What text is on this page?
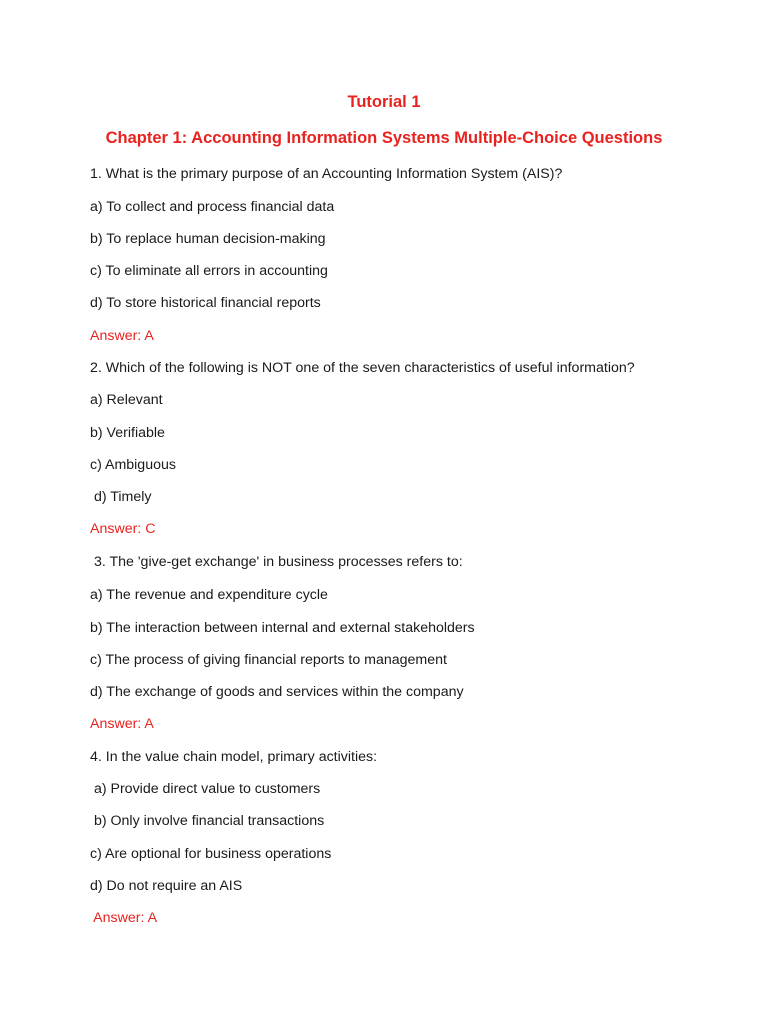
Tutorial 1
Chapter 1: Accounting Information Systems Multiple-Choice Questions
1. What is the primary purpose of an Accounting Information System (AIS)?
a) To collect and process financial data
b) To replace human decision-making
c) To eliminate all errors in accounting
d) To store historical financial reports
Answer: A
2. Which of the following is NOT one of the seven characteristics of useful information?
a) Relevant
b) Verifiable
c) Ambiguous
d) Timely
Answer: C
3. The 'give-get exchange' in business processes refers to:
a) The revenue and expenditure cycle
b) The interaction between internal and external stakeholders
c) The process of giving financial reports to management
d) The exchange of goods and services within the company
Answer: A
4. In the value chain model, primary activities:
a) Provide direct value to customers
b) Only involve financial transactions
c) Are optional for business operations
d) Do not require an AIS
Answer: A
